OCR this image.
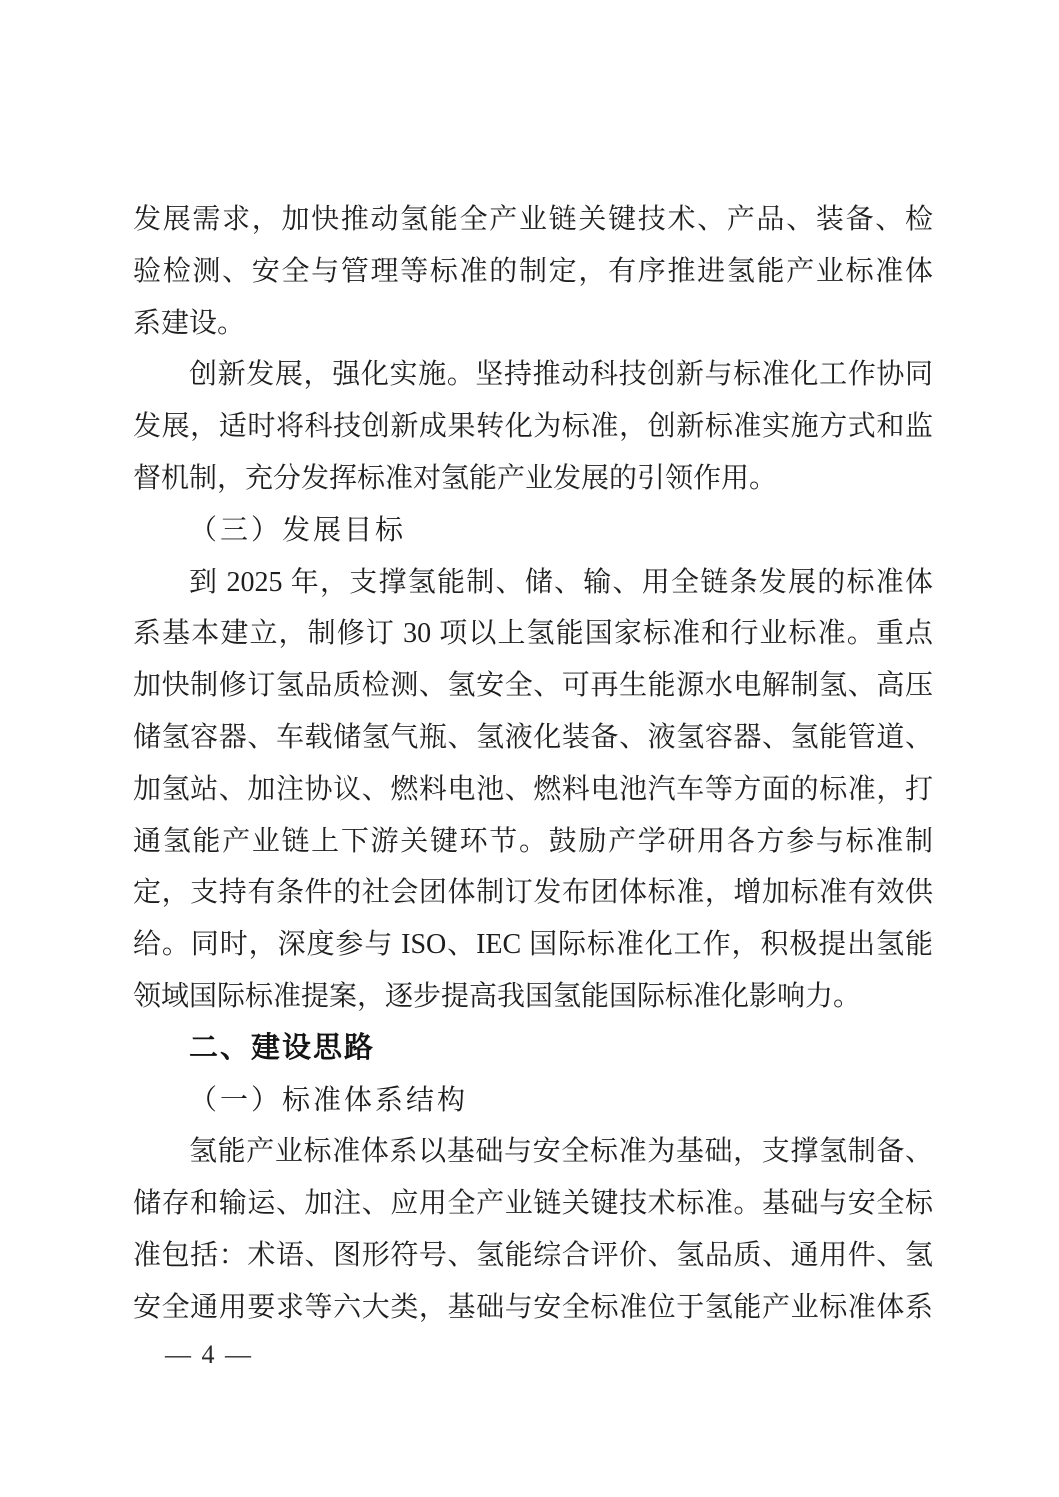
发展需求，加快推动氢能全产业链关键技术、产品、装备、检
验检测、安全与管理等标准的制定，有序推进氢能产业标准体
系建设。
创新发展，强化实施。坚持推动科技创新与标准化工作协同
发展，适时将科技创新成果转化为标准，创新标准实施方式和监
督机制，充分发挥标准对氢能产业发展的引领作用。
（三）发展目标
到 2025 年，支撑氢能制、储、输、用全链条发展的标准体
系基本建立，制修订 30 项以上氢能国家标准和行业标准。重点
加快制修订氢品质检测、氢安全、可再生能源水电解制氢、高压
储氢容器、车载储氢气瓶、氢液化装备、液氢容器、氢能管道、
加氢站、加注协议、燃料电池、燃料电池汽车等方面的标准，打
通氢能产业链上下游关键环节。鼓励产学研用各方参与标准制
定，支持有条件的社会团体制订发布团体标准，增加标准有效供
给。同时，深度参与 ISO、IEC 国际标准化工作，积极提出氢能
领域国际标准提案，逐步提高我国氢能国际标准化影响力。
二、建设思路
（一）标准体系结构
氢能产业标准体系以基础与安全标准为基础，支撑氢制备、
储存和输运、加注、应用全产业链关键技术标准。基础与安全标
准包括：术语、图形符号、氢能综合评价、氢品质、通用件、氢
安全通用要求等六大类，基础与安全标准位于氢能产业标准体系
— 4 —
